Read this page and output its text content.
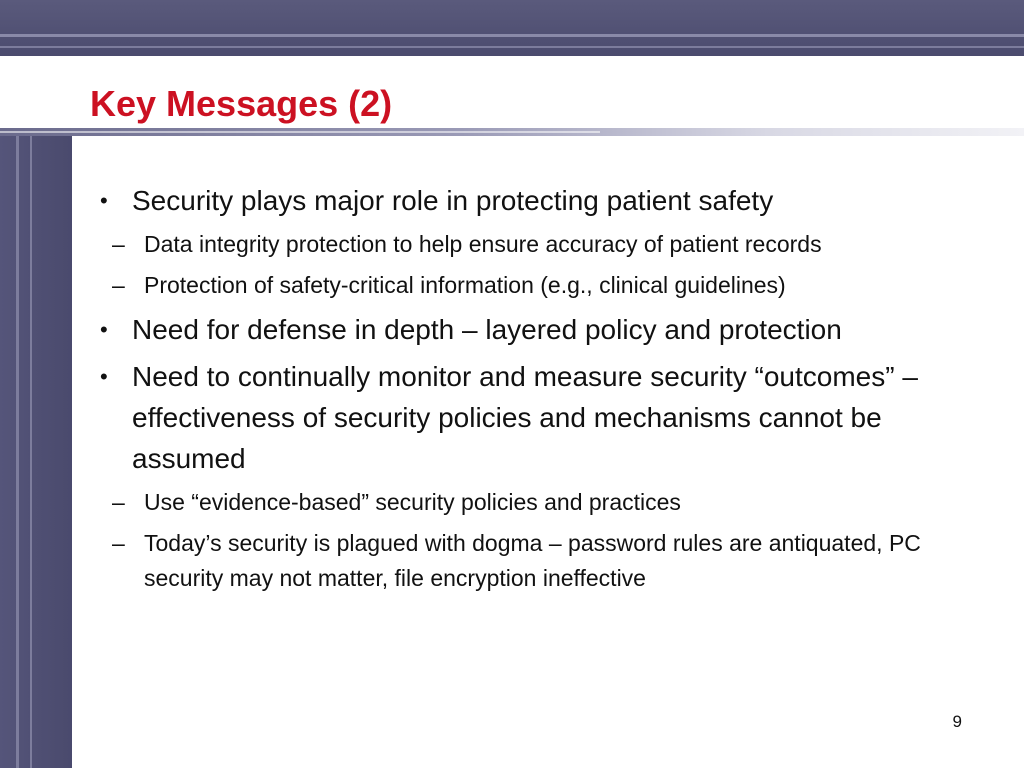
Key Messages (2)
• Security plays major role in protecting patient safety
– Data integrity protection to help ensure accuracy of patient records
– Protection of safety-critical information (e.g., clinical guidelines)
• Need for defense in depth – layered policy and protection
• Need to continually monitor and measure security “outcomes” – effectiveness of security policies and mechanisms cannot be assumed
– Use “evidence-based” security policies and practices
– Today’s security is plagued with dogma – password rules are antiquated, PC security may not matter, file encryption ineffective
9
